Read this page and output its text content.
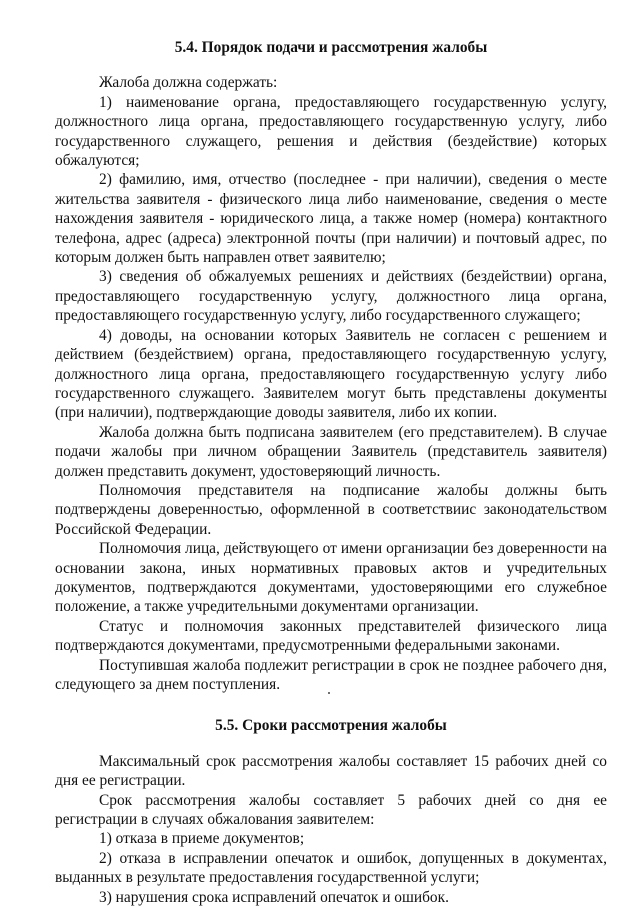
5.4. Порядок подачи и рассмотрения жалобы

Жалоба должна содержать:

1) наименование органа, предоставляющего государственную услугу, должностного лица органа, предоставляющего государственную услугу, либо государственного служащего, решения и действия (бездействие) которых обжалуются;

2) фамилию, имя, отчество (последнее - при наличии), сведения о месте жительства заявителя - физического лица либо наименование, сведения о месте нахождения заявителя - юридического лица, а также номер (номера) контактного телефона, адрес (адреса) электронной почты (при наличии) и почтовый адрес, по которым должен быть направлен ответ заявителю;

3) сведения об обжалуемых решениях и действиях (бездействии) органа, предоставляющего государственную услугу, должностного лица органа, предоставляющего государственную услугу, либо государственного служащего;

4) доводы, на основании которых Заявитель не согласен с решением и действием (бездействием) органа, предоставляющего государственную услугу, должностного лица органа, предоставляющего государственную услугу либо государственного служащего. Заявителем могут быть представлены документы (при наличии), подтверждающие доводы заявителя, либо их копии.

Жалоба должна быть подписана заявителем (его представителем). В случае подачи жалобы при личном обращении Заявитель (представитель заявителя) должен представить документ, удостоверяющий личность.

Полномочия представителя на подписание жалобы должны быть подтверждены доверенностью, оформленной в соответствиис законодательством Российской Федерации.

Полномочия лица, действующего от имени организации без доверенности на основании закона, иных нормативных правовых актов и учредительных документов, подтверждаются документами, удостоверяющими его служебное положение, а также учредительными документами организации.

Статус и полномочия законных представителей физического лица подтверждаются документами, предусмотренными федеральными законами.

Поступившая жалоба подлежит регистрации в срок не позднее рабочего дня, следующего за днем поступления.

5.5. Сроки рассмотрения жалобы

Максимальный срок рассмотрения жалобы составляет 15 рабочих дней со дня ее регистрации.

Срок рассмотрения жалобы составляет 5 рабочих дней со дня ее регистрации в случаях обжалования заявителем:

1) отказа в приеме документов;

2) отказа в исправлении опечаток и ошибок, допущенных в документах, выданных в результате предоставления государственной услуги;

3) нарушения срока исправлений опечаток и ошибок.
